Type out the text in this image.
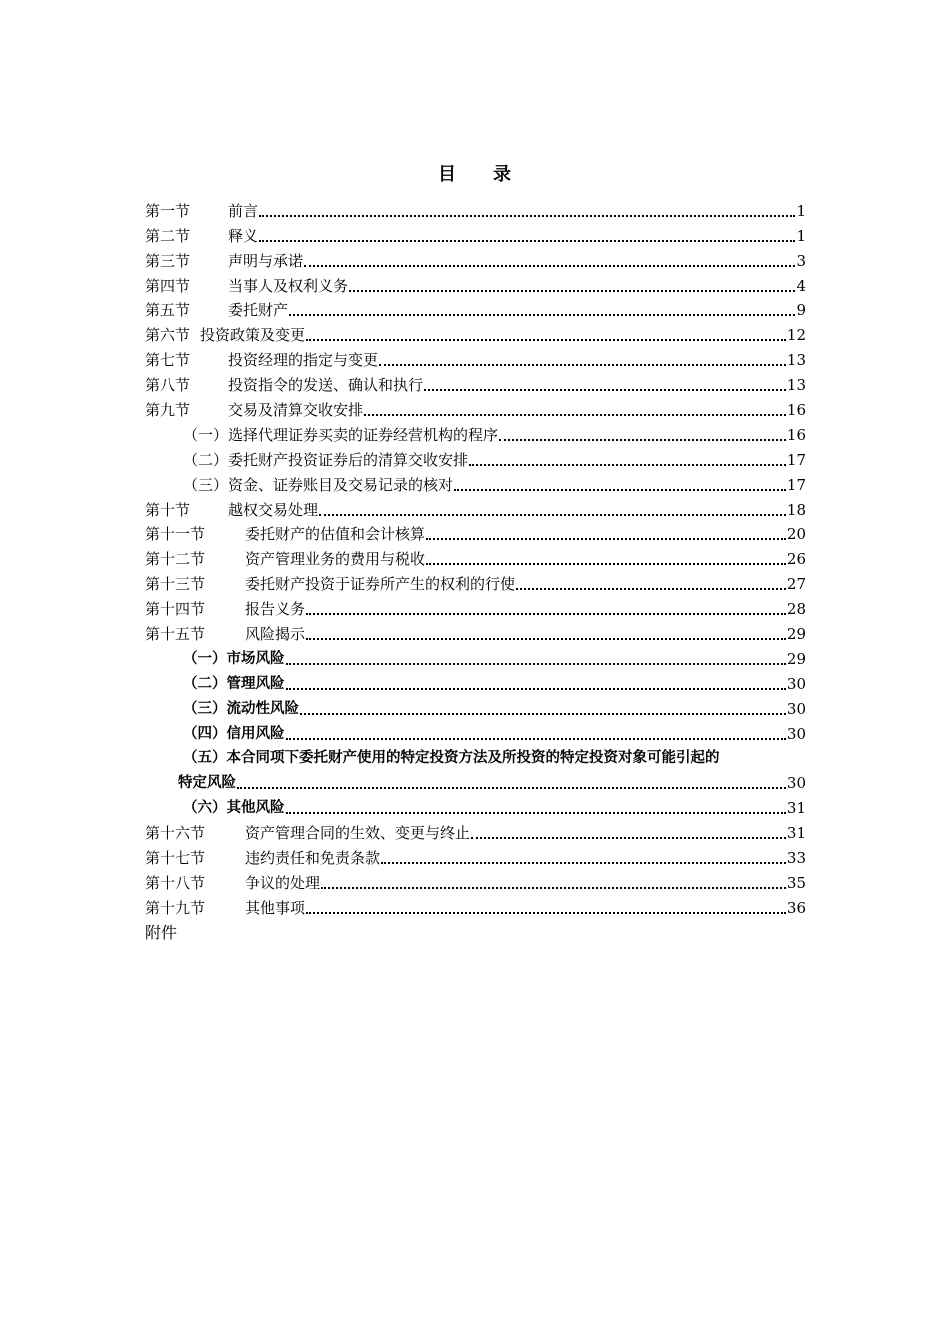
目 录
第一节	前言	1
第二节	释义	1
第三节	声明与承诺	3
第四节	当事人及权利义务	4
第五节	委托财产	9
第六节 投资政策及变更	12
第七节	投资经理的指定与变更	13
第八节	投资指令的发送、确认和执行	13
第九节	交易及清算交收安排	16
（一）选择代理证券买卖的证券经营机构的程序	16
（二）委托财产投资证券后的清算交收安排	17
（三）资金、证券账目及交易记录的核对	17
第十节	越权交易处理	18
第十一节	委托财产的估值和会计核算	20
第十二节	资产管理业务的费用与税收	26
第十三节	委托财产投资于证券所产生的权利的行使	27
第十四节	报告义务	28
第十五节	风险揭示	29
（一）市场风险	29
（二）管理风险	30
（三）流动性风险	30
（四）信用风险	30
（五）本合同项下委托财产使用的特定投资方法及所投资的特定投资对象可能引起的
特定风险	30
（六）其他风险	31
第十六节	资产管理合同的生效、变更与终止	31
第十七节	违约责任和免责条款	33
第十八节	争议的处理	35
第十九节	其他事项	36
附件
